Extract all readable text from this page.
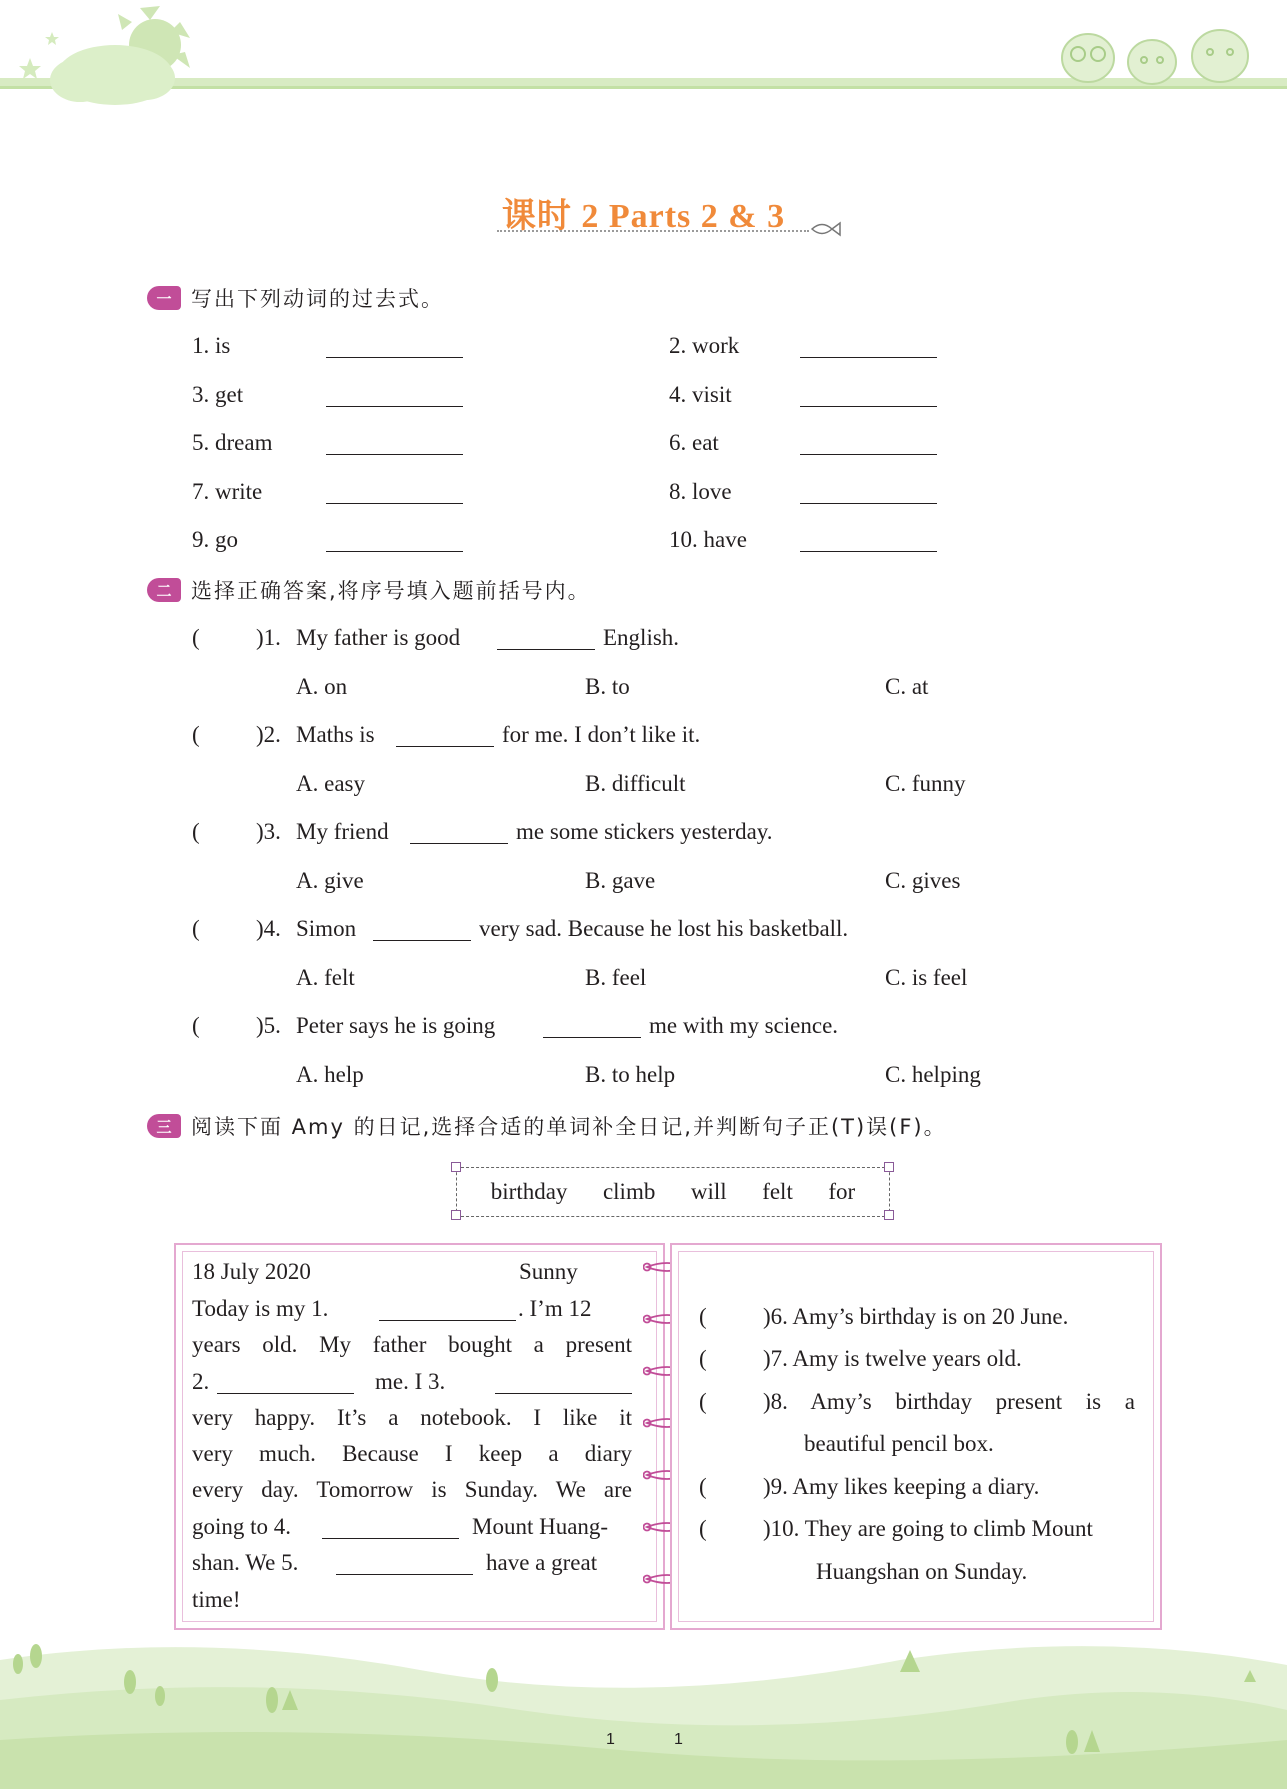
课时 2 Parts 2 & 3
一 写出下列动词的过去式。
1. is	2. work
3. get	4. visit
5. dream	6. eat
7. write	8. love
9. go	10. have
二 选择正确答案,将序号填入题前括号内。
( )1. My father is good	English.
A. on	B. to	C. at
( )2. Maths is	for me. I don’t like it.
A. easy	B. difficult	C. funny
( )3. My friend	me some stickers yesterday.
A. give	B. gave	C. gives
( )4. Simon	very sad. Because he lost his basketball.
A. felt	B. feel	C. is feel
( )5. Peter says he is going	me with my science.
A. help	B. to help	C. helping
三 阅读下面 Amy 的日记,选择合适的单词补全日记,并判断句子正(T)误(F)。
birthday climb will felt for
18 July 2020	Sunny
Today is my 1.	. I’m 12
years old. My father bought a present
2.	me. I 3.
very happy. It’s a notebook. I like it
very much. Because I keep a diary
every day. Tomorrow is Sunday. We are
going to 4.	Mount Huang-
shan. We 5.	have a great
time!
( )6. Amy’s birthday is on 20 June.
( )7. Amy is twelve years old.
( )8. Amy’s birthday present is a
beautiful pencil box.
( )9. Amy likes keeping a diary.
( )10. They are going to climb Mount
Huangshan on Sunday.
1	1
